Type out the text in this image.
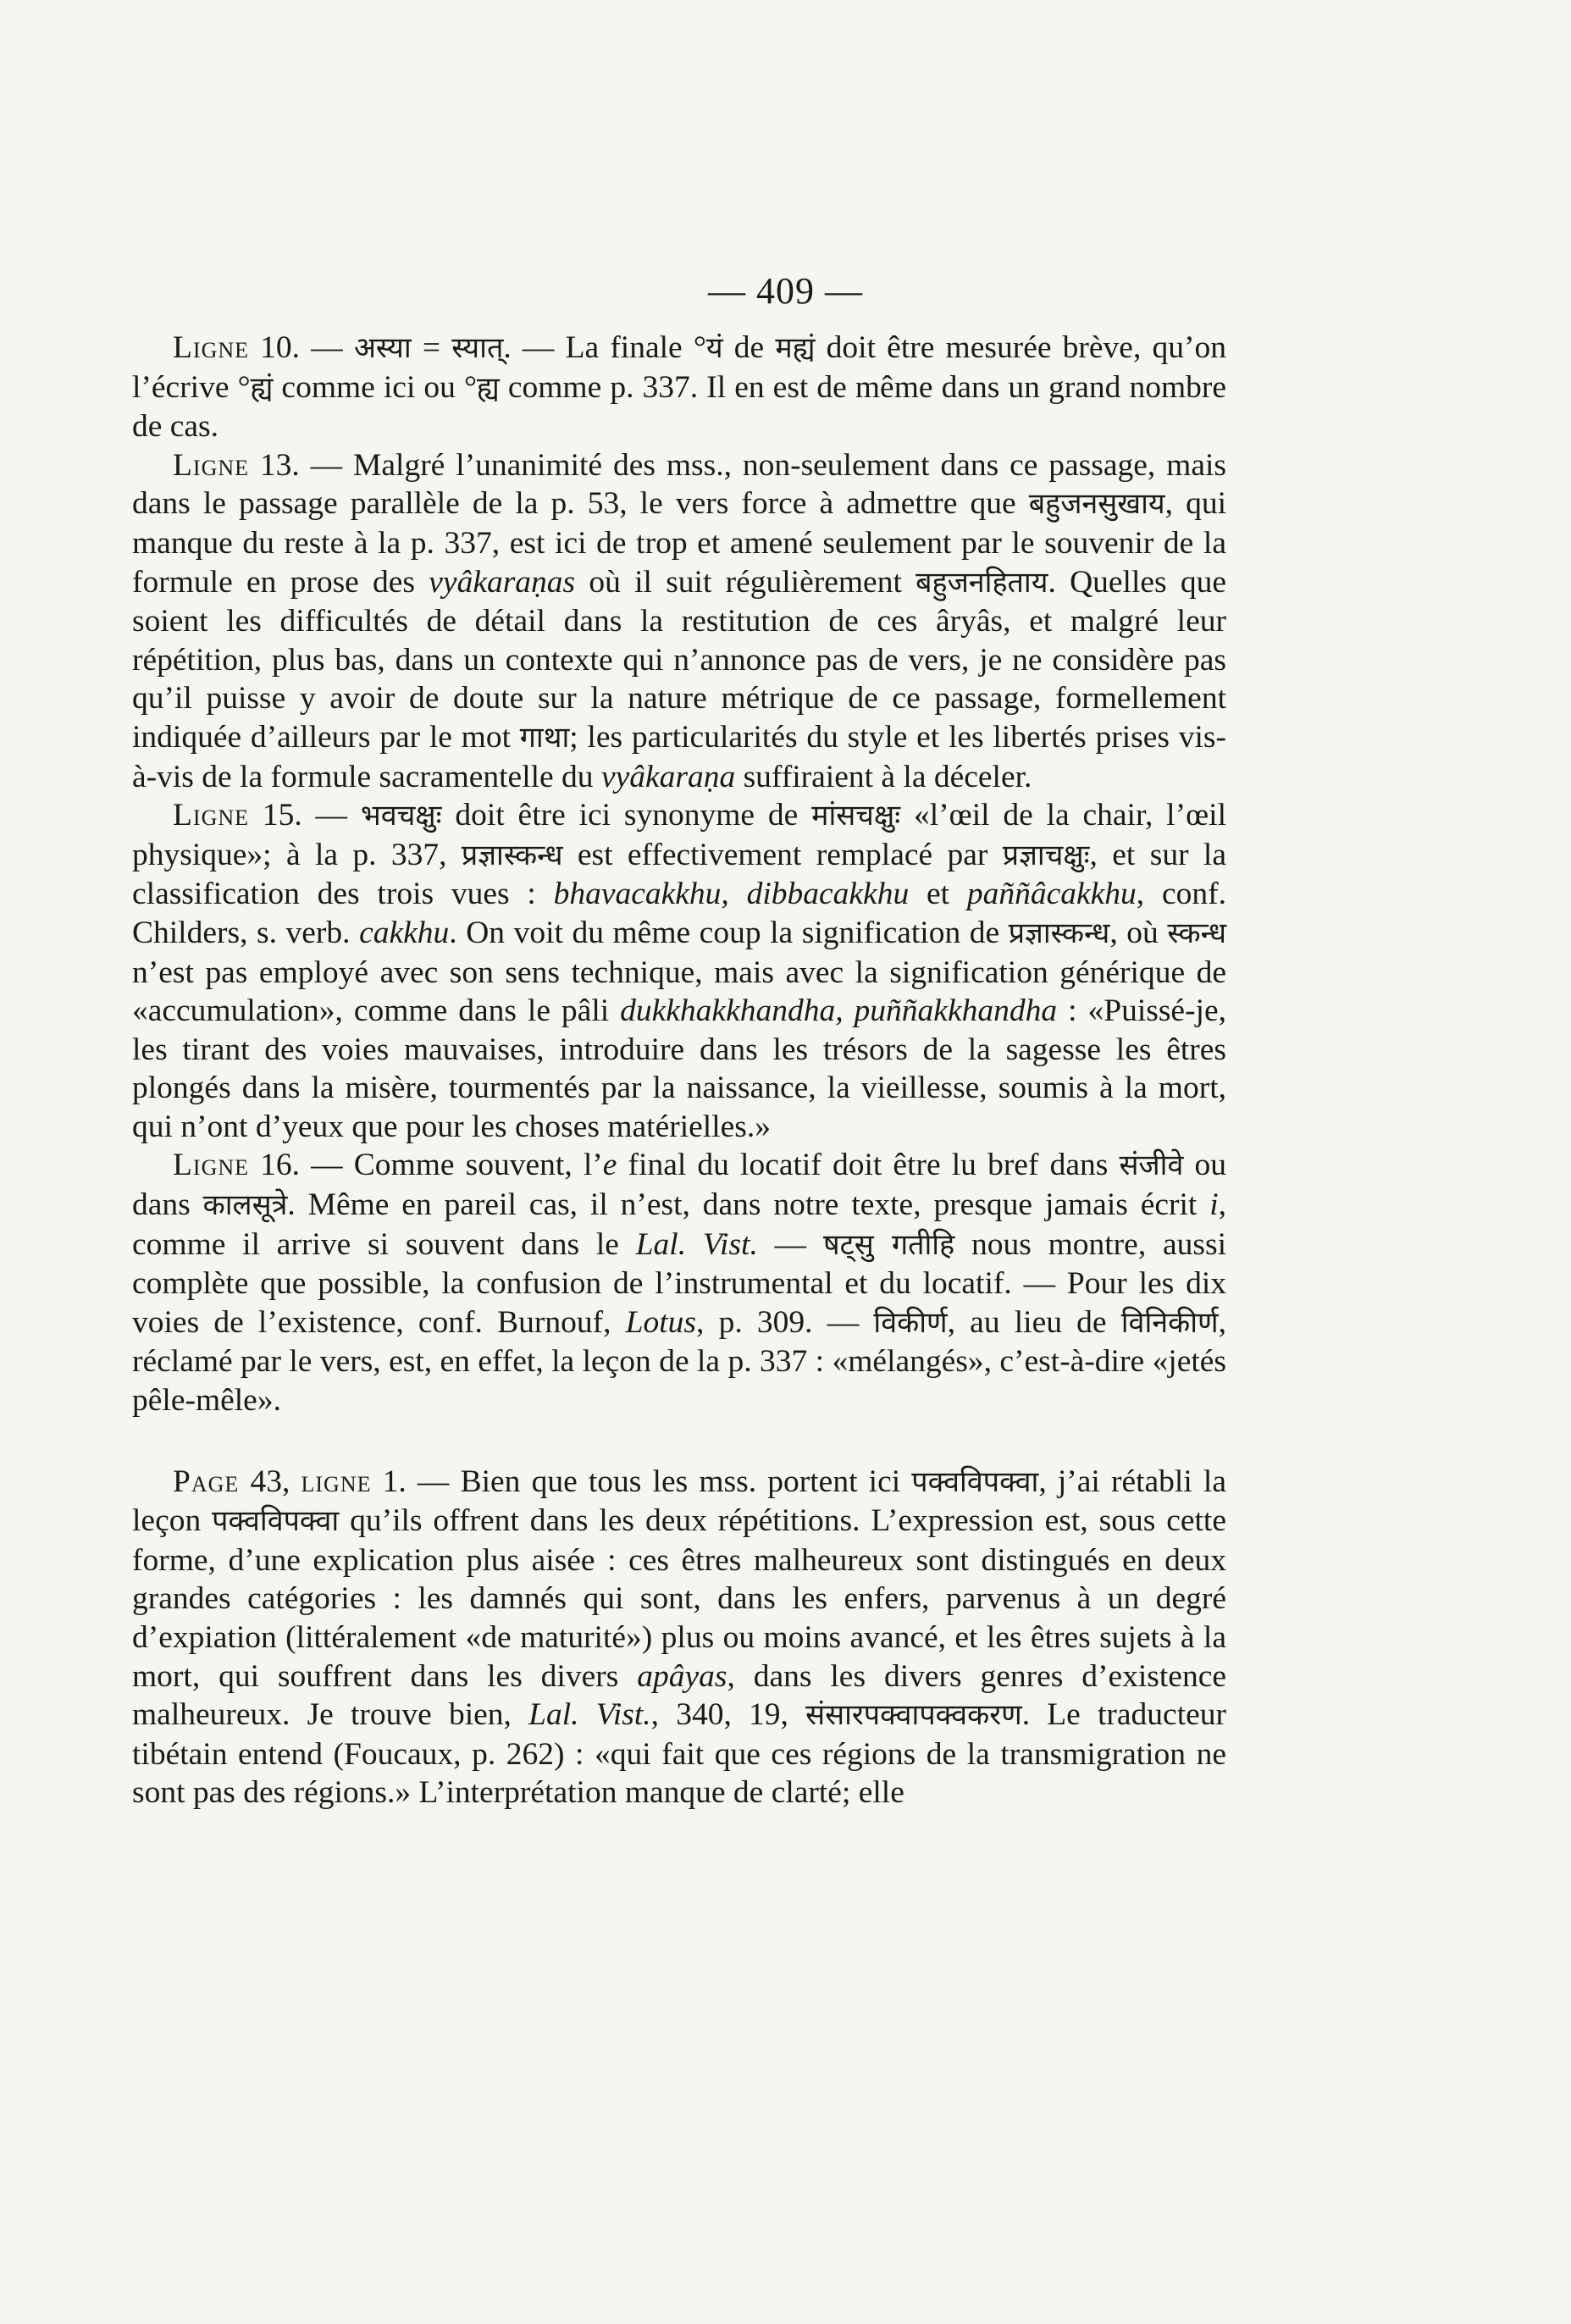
— 409 —

Ligne 10. — अस्या = स्यात्. — La finale °यं de मह्यं doit être mesurée brève, qu’on l’écrive °ह्यं comme ici ou °ह्य comme p. 337. Il en est de même dans un grand nombre de cas.

Ligne 13. — Malgré l’unanimité des mss., non-seulement dans ce passage, mais dans le passage parallèle de la p. 53, le vers force à admettre que बहुजनसुखाय, qui manque du reste à la p. 337, est ici de trop et amené seulement par le souvenir de la formule en prose des vyâkaraṇas où il suit régulièrement बहुजनहिताय. Quelles que soient les difficultés de détail dans la restitution de ces âryâs, et malgré leur répétition, plus bas, dans un contexte qui n’annonce pas de vers, je ne considère pas qu’il puisse y avoir de doute sur la nature métrique de ce passage, formellement indiquée d’ailleurs par le mot गाथा; les particularités du style et les libertés prises vis-à-vis de la formule sacramentelle du vyâkaraṇa suffiraient à la déceler.

Ligne 15. — भवचक्षुः doit être ici synonyme de मांसचक्षुः «l’œil de la chair, l’œil physique»; à la p. 337, प्रज्ञास्कन्ध est effectivement remplacé par प्रज्ञाचक्षुः, et sur la classification des trois vues : bhavacakkhu, dibbacakkhu et paññâcakkhu, conf. Childers, s. verb. cakkhu. On voit du même coup la signification de प्रज्ञास्कन्ध, où स्कन्ध n’est pas employé avec son sens technique, mais avec la signification générique de «accumulation», comme dans le pâli dukkhakkhandha, puññakkhandha : «Puissé-je, les tirant des voies mauvaises, introduire dans les trésors de la sagesse les êtres plongés dans la misère, tourmentés par la naissance, la vieillesse, soumis à la mort, qui n’ont d’yeux que pour les choses matérielles.»

Ligne 16. — Comme souvent, l’e final du locatif doit être lu bref dans संजीवे ou dans कालसूत्रे. Même en pareil cas, il n’est, dans notre texte, presque jamais écrit i, comme il arrive si souvent dans le Lal. Vist. — षट्सु गतीहि nous montre, aussi complète que possible, la confusion de l’instrumental et du locatif. — Pour les dix voies de l’existence, conf. Burnouf, Lotus, p. 309. — विकीर्ण, au lieu de विनिकीर्ण, réclamé par le vers, est, en effet, la leçon de la p. 337 : «mélangés», c’est-à-dire «jetés pêle-mêle».

Page 43, ligne 1. — Bien que tous les mss. portent ici पक्वविपक्वा, j’ai rétabli la leçon पक्वविपक्वा qu’ils offrent dans les deux répétitions. L’expression est, sous cette forme, d’une explication plus aisée : ces êtres malheureux sont distingués en deux grandes catégories : les damnés qui sont, dans les enfers, parvenus à un degré d’expiation (littéralement «de maturité») plus ou moins avancé, et les êtres sujets à la mort, qui souffrent dans les divers apâyas, dans les divers genres d’existence malheureux. Je trouve bien, Lal. Vist., 340, 19, संसारपक्वापक्वकरण. Le traducteur tibétain entend (Foucaux, p. 262) : «qui fait que ces régions de la transmigration ne sont pas des régions.» L’interprétation manque de clarté; elle
